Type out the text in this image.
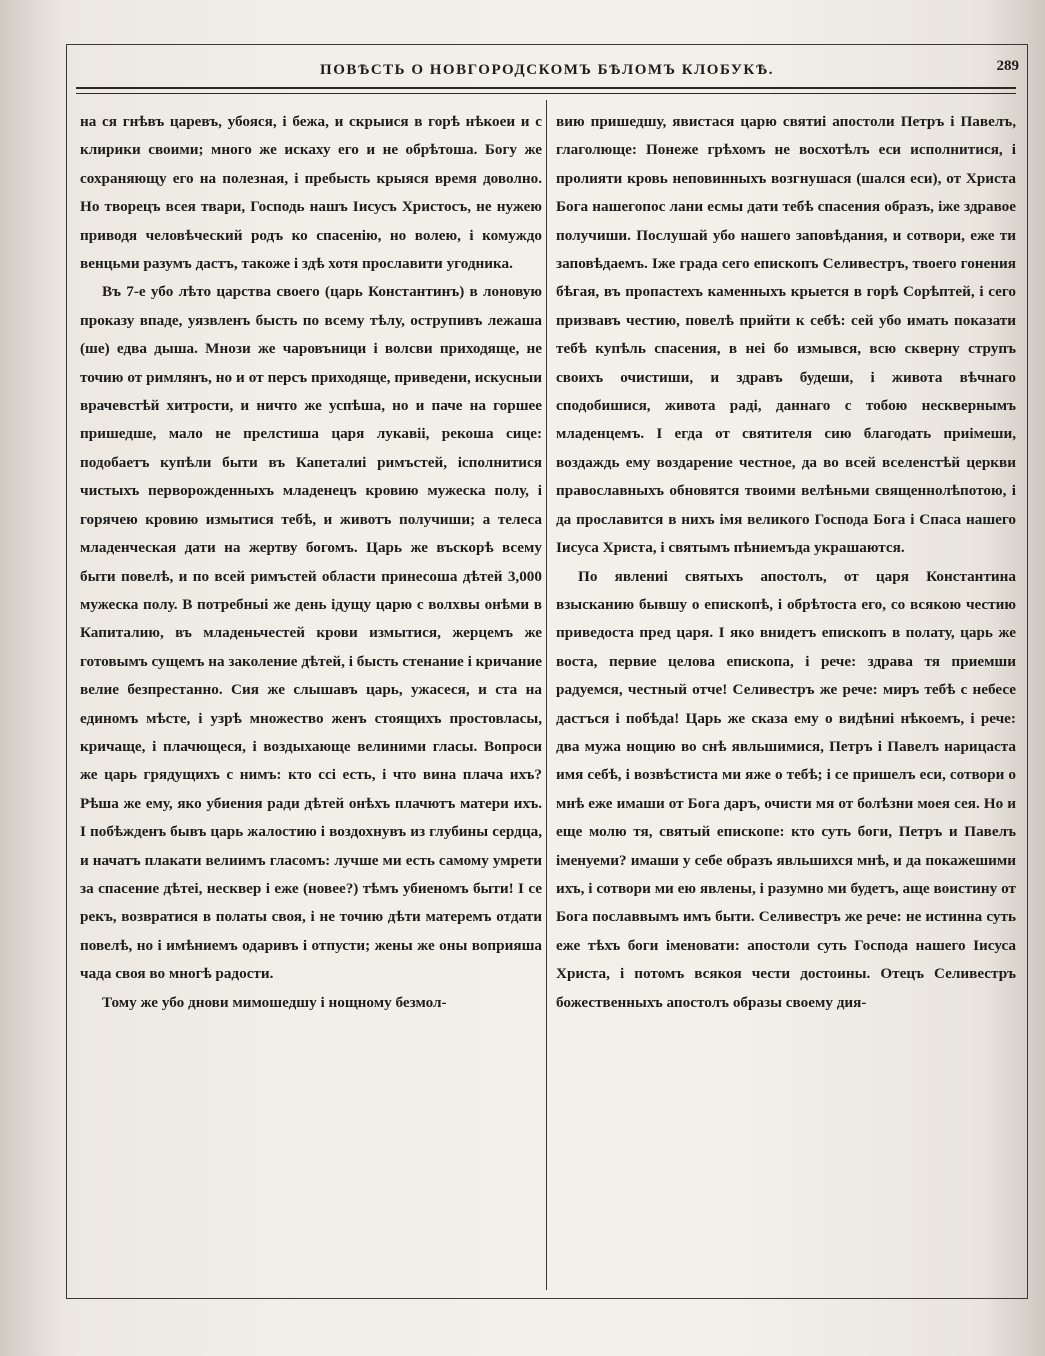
ПОВѢСТЬ О НОВГОРОДСКОМЪ БѢЛОМЪ КЛОБУКѢ.	289

на ся гнѣвъ царевъ, убояся, і бежа, и скрыися в горѣ нѣкоеи и с клирики своими; много же искаху его и не обрѣтоша. Богу же сохраняющу его на полезная, і пребысть крыяся время доволно. Но творецъ всея твари, Господь нашъ Іисусъ Христосъ, не нужею приводя человѣческий родъ ко спасенію, но волею, і комуждо венцьми разумъ дастъ, такоже і здѣ хотя прославити угодника.

Въ 7-е убо лѣто царства своего (царь Константинъ) в лоновую проказу впаде, уязвленъ бысть по всему тѣлу, острупивъ лежаша (ше) едва дыша. Мнози же чаровъници і волсви приходяще, не точию от римлянъ, но и от персъ приходяще, приведени, искусныи врачевстѣй хитрости, и ничто же успѣша, но и паче на горшее пришедше, мало не прелстиша царя лукавіі, рекоша сице: подобаетъ купѣли быти въ Капеталиі римъстей, ісполнитися чистыхъ перворожденныхъ младенецъ кровию мужеска полу, і горячею кровию измытися тебѣ, и животъ получиши; а телеса младенческая дати на жертву богомъ. Царь же въскорѣ всему быти повелѣ, и по всей римъстей области принесоша дѣтей 3,000 мужеска полу. В потребныі же день ідущу царю с волхвы онѣми в Капиталию, въ младеньчестей крови измытися, жерцемъ же готовымъ сущемъ на заколение дѣтей, і бысть стенание і кричание велие безпрестанно. Сия же слышавъ царь, ужасеся, и ста на единомъ мѣсте, і узрѣ множество женъ стоящихъ простовласы, кричаще, і плачющеся, і воздыхающе велиними гласы. Вопроси же царь грядущихъ с нимъ: кто ссі есть, і что вина плача ихъ? Рѣша же ему, яко убиения ради дѣтей онѣхъ плачютъ матери ихъ. І побѣжденъ бывъ царь жалостию і воздохнувъ из глубины сердца, и начатъ плакати велиимъ гласомъ: лучше ми есть самому умрети за спасение дѣтеі, несквер і еже (новее?) тѣмъ убиеномъ быти! І се рекъ, возвратися в полаты своя, і не точию дѣти матеремъ отдати повелѣ, но і имѣниемъ одаривъ і отпусти; жены же оны воприяша чада своя во многѣ радости.

Тому же убо днови мимошедшу і нощному безмол-

вию пришедшу, явистася царю святиі апостоли Петръ і Павелъ, глаголюще: Понеже грѣхомъ не восхотѣлъ еси исполнитися, і пролияти кровь неповинныхъ возгнушася (шался еси), от Христа Бога нашегопос лани есмы дати тебѣ спасения образъ, іже здравое получиши. Послушай убо нашего заповѣдания, и сотвори, еже ти заповѣдаемъ. Іже града сего епископъ Селивестръ, твоего гонения бѣгая, въ пропастехъ каменныхъ крыется в горѣ Сорѣптей, і сего призвавъ честию, повелѣ прийти к себѣ: сей убо имать показати тебѣ купѣль спасения, в неі бо измывся, всю скверну струпъ своихъ очистиши, и здравъ будеши, і живота вѣчнаго сподобишися, живота раді, даннаго с тобою несквернымъ младенцемъ. І егда от святителя сию благодать приімеши, воздаждь ему воздарение честное, да во всей вселенстѣй церкви православныхъ обновятся твоими велѣньми священнолѣпотою, і да прославится в нихъ імя великого Господа Бога і Спаса нашего Іисуса Христа, і святымъ пѣниемъда украшаются.

По явлениі святыхъ апостолъ, от царя Константина взысканию бывшу о епископѣ, і обрѣтоста его, со всякою честию приведоста пред царя. І яко внидетъ епископъ в полату, царь же воста, первие целова епископа, і рече: здрава тя приемши радуемся, честный отче! Селивестръ же рече: миръ тебѣ с небесе дастъся і побѣда! Царь же сказа ему о видѣниі нѣкоемъ, і рече: два мужа нощию во снѣ явльшимися, Петръ і Павелъ нарицаста имя себѣ, і возвѣстиста ми яже о тебѣ; і се пришелъ еси, сотвори о мнѣ еже имаши от Бога даръ, очисти мя от болѣзни моея сея. Но и еще молю тя, святый епископе: кто суть боги, Петръ и Павелъ іменуеми? имаши у себе образъ явльшихся мнѣ, и да покажешими ихъ, і сотвори ми ею явлены, і разумно ми будетъ, аще воистину от Бога пославвымъ имъ быти. Селивестръ же рече: не истинна суть еже тѣхъ боги іменовати: апостоли суть Господа нашего Іисуса Христа, і потомъ всякоя чести достоины. Отецъ Селивестръ божественныхъ апостолъ образы своему дия-
